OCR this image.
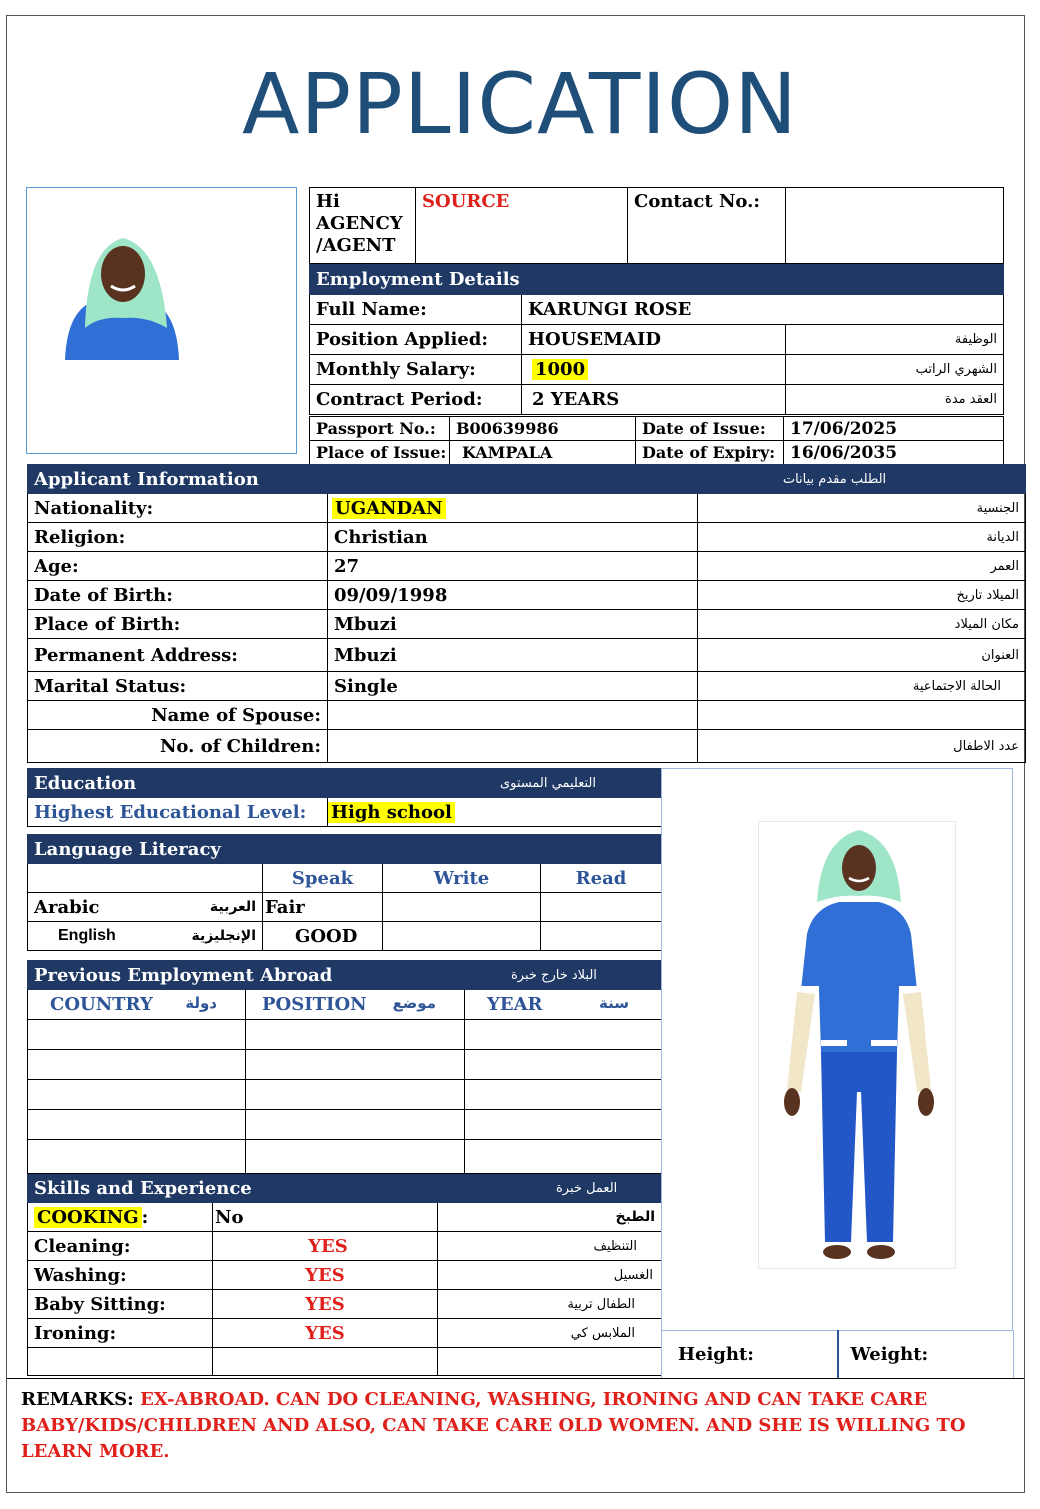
APPLICATION
Hi
AGENCY
/AGENT
	SOURCE	Contact No.:	
Employment Details		
Full Name:	KARUNGI ROSE	
Position Applied:	HOUSEMAID	الوظيفة
Monthly Salary:	1000	الشهري الراتب
Contract Period:	2 YEARS	العقد مدة
Passport No.:	B00639986	Date of Issue:	17/06/2025
Place of Issue:	KAMPALA	Date of Expiry:	16/06/2035
Applicant Information		الطلب مقدم بيانات
Nationality:	UGANDAN	الجنسية
Religion:	Christian	الديانة
Age:	27	العمر
Date of Birth:	09/09/1998	الميلاد تاريخ
Place of Birth:	Mbuzi	مكان الميلاد
Permanent Address:	Mbuzi	العنوان
Marital Status:	Single	الحالة الاجتماعية
Name of Spouse:		
No. of Children:		عدد الاطفال
Education	التعليمي المستوى
Highest Educational Level:	High school
Language Literacy				
		Speak	Write	Read
Arabic	العربية	Fair		
English	الإنجليزية	GOOD		
Previous Employment Abroad		البلاد خارج خبرة
COUNTRY دولة	POSITION موضع	YEAR سنة

Skills and Experience		العمل خبرة
COOKING :	No	الطبخ
Cleaning:	YES	التنظيف
Washing:	YES	الغسيل
Baby Sitting:	YES	الطفال تربية
Ironing:	YES	الملابس كي

Height:	Weight:
REMARKS: EX-ABROAD. CAN DO CLEANING, WASHING, IRONING AND CAN TAKE CARE
BABY/KIDS/CHILDREN AND ALSO, CAN TAKE CARE OLD WOMEN. AND SHE IS WILLING TO LEARN MORE.
